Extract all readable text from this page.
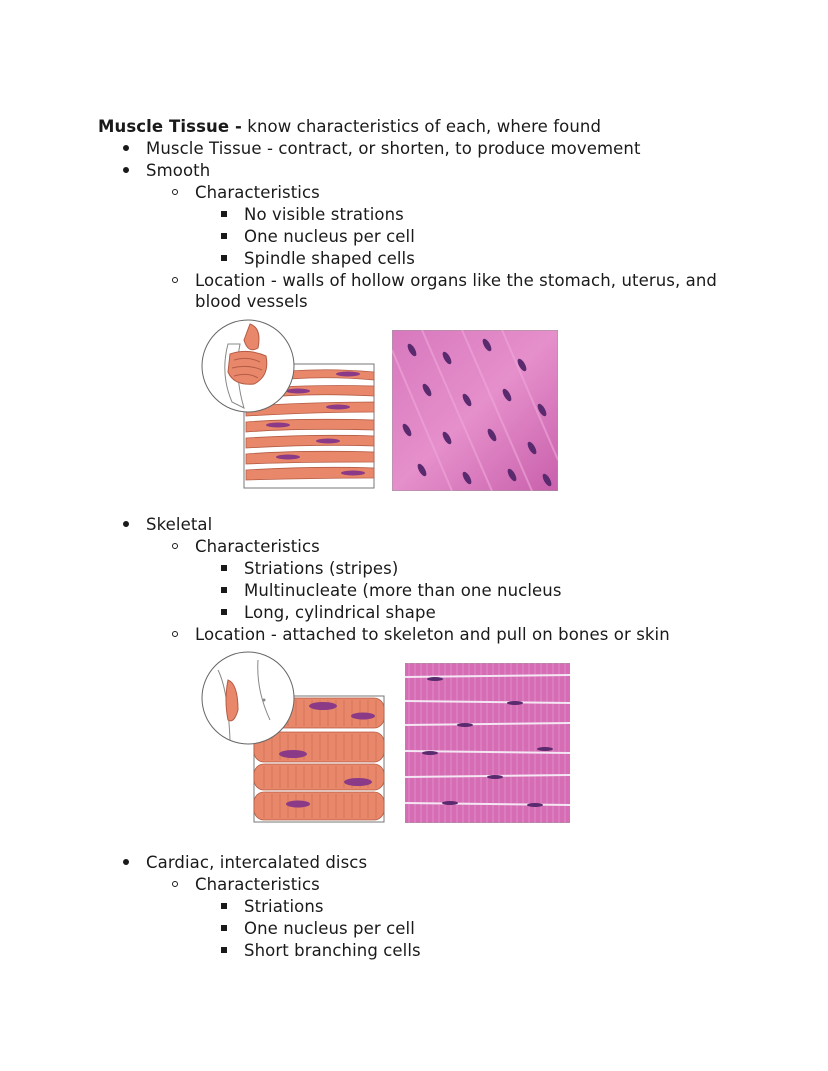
Muscle Tissue - know characteristics of each, where found
Muscle Tissue - contract, or shorten, to produce movement
Smooth
Characteristics
No visible strations
One nucleus per cell
Spindle shaped cells
Location - walls of hollow organs like the stomach, uterus, and
blood vessels
Skeletal
Characteristics
Striations (stripes)
Multinucleate (more than one nucleus
Long, cylindrical shape
Location - attached to skeleton and pull on bones or skin
Cardiac, intercalated discs
Characteristics
Striations
One nucleus per cell
Short branching cells
